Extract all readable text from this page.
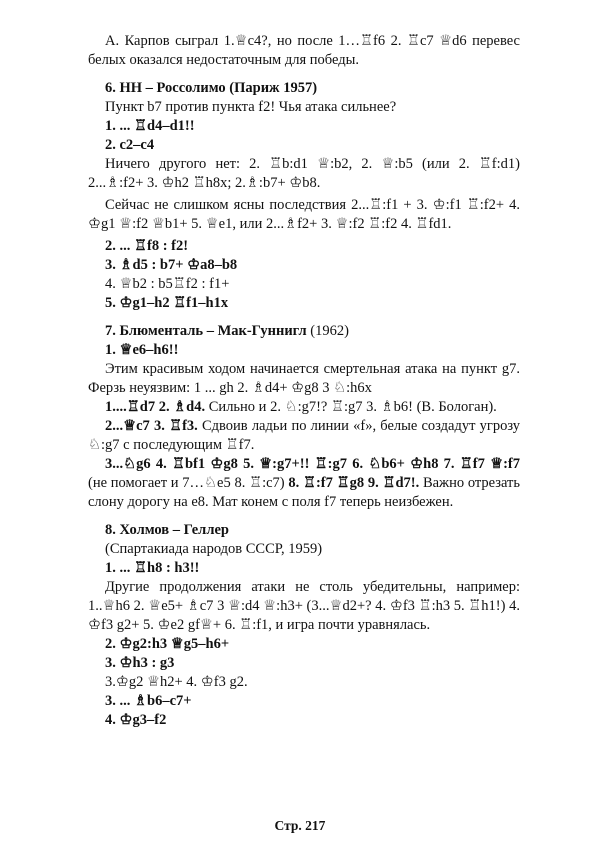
А. Карпов сыграл 1.♕c4?, но после 1…♖f6 2. ♖c7 ♕d6 перевес белых оказался недостаточным для победы.

6. НН – Россолимо (Париж 1957)

Пункт b7 против пункта f2! Чья атака сильнее?

1. ... ♖d4–d1!!

2. c2–c4

Ничего другого нет: 2. ♖b:d1 ♕:b2, 2. ♕:b5 (или 2. ♖f:d1) 2...♗:f2+ 3. ♔h2 ♖h8x; 2.♗:b7+ ♔b8.

Сейчас не слишком ясны последствия 2...♖:f1 + 3. ♔:f1 ♖:f2+ 4. ♔g1 ♕:f2 ♕b1+ 5. ♕e1, или 2...♗f2+ 3. ♕:f2 ♖:f2 4. ♖fd1.

2. ... ♖f8 : f2!

3. ♗d5 : b7+ ♔a8–b8

4. ♕b2 : b5♖f2 : f1+

5. ♔g1–h2 ♖f1–h1x

7. Блюменталь – Мак-Гуннигл (1962)

1. ♕e6–h6!!

Этим красивым ходом начинается смертельная атака на пункт g7. Ферзь неуязвим: 1 ... gh 2. ♗d4+ ♔g8 3 ♘:h6x

1....♖d7 2. ♗d4. Сильно и 2. ♘:g7!? ♖:g7 3. ♗b6! (В. Бологан).

2...♕c7 3. ♖f3. Сдвоив ладьи по линии «f», белые создадут угрозу ♘:g7 с последующим ♖f7.

3...♘g6 4. ♖bf1 ♔g8 5. ♕:g7+!! ♖:g7 6. ♘b6+ ♔h8 7. ♖f7 ♕:f7 (не помогает и 7…♘e5 8. ♖:c7) 8. ♖:f7 ♖g8 9. ♖d7!. Важно отрезать слону дорогу на e8. Мат конем с поля f7 теперь неизбежен.

8. Холмов – Геллер

(Спартакиада народов СССР, 1959)

1. ... ♖h8 : h3!!

Другие продолжения атаки не столь убедительны, например: 1..♕h6 2. ♕e5+ ♗c7 3 ♕:d4 ♕:h3+ (3...♕d2+? 4. ♔f3 ♖:h3 5. ♖h1!) 4. ♔f3 g2+ 5. ♔e2 gf♕+ 6. ♖:f1, и игра почти уравнялась.

2. ♔g2:h3 ♕g5–h6+

3. ♔h3 : g3

3.♔g2 ♕h2+ 4. ♔f3 g2.

3. ... ♗b6–c7+

4. ♔g3–f2

Стр. 217
